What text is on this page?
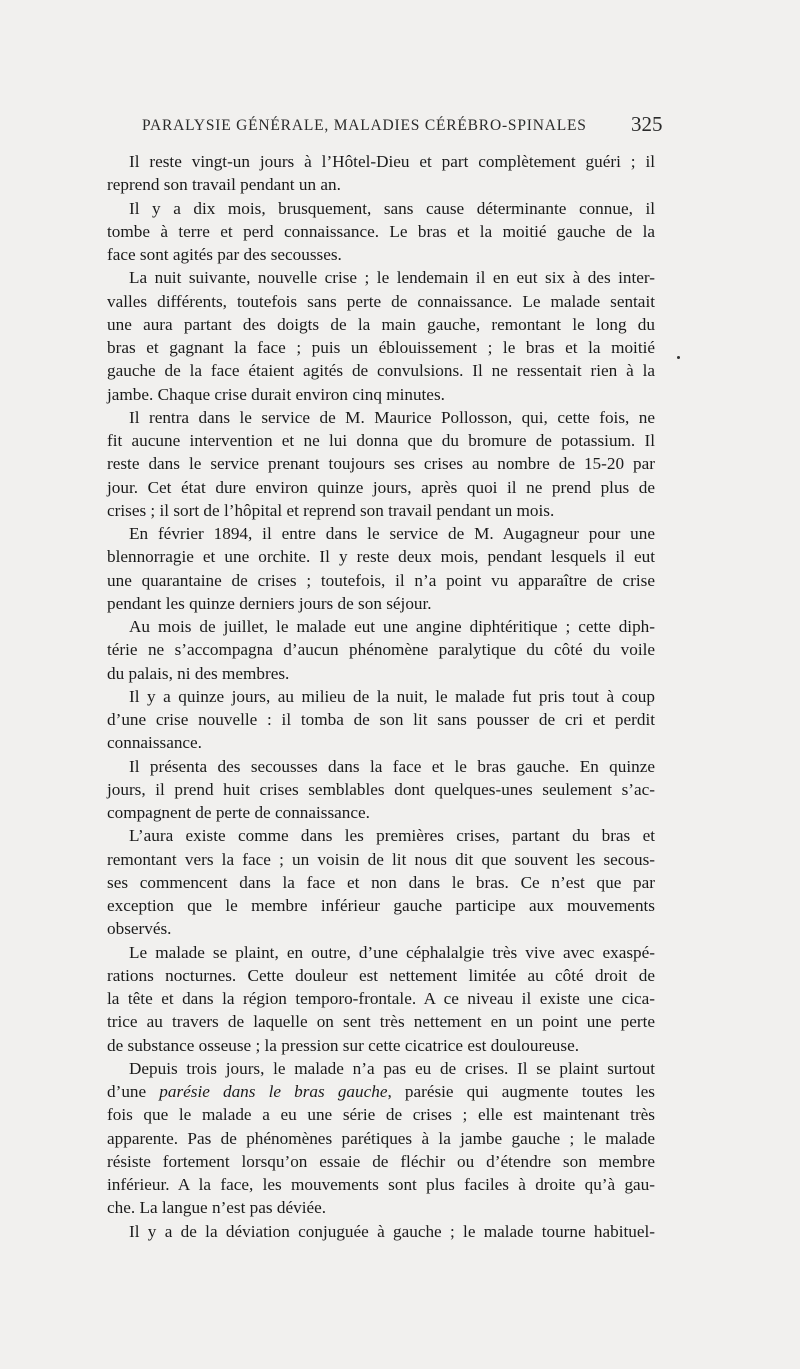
PARALYSIE GÉNÉRALE, MALADIES CÉRÉBRO-SPINALES	325
Il reste vingt-un jours à l’Hôtel-Dieu et part complètement guéri ; il
reprend son travail pendant un an.
Il y a dix mois, brusquement, sans cause déterminante connue, il
tombe à terre et perd connaissance. Le bras et la moitié gauche de la
face sont agités par des secousses.
La nuit suivante, nouvelle crise ; le lendemain il en eut six à des inter-
valles différents, toutefois sans perte de connaissance. Le malade sentait
une aura partant des doigts de la main gauche, remontant le long du
bras et gagnant la face ; puis un éblouissement ; le bras et la moitié
gauche de la face étaient agités de convulsions. Il ne ressentait rien à la
jambe. Chaque crise durait environ cinq minutes.
Il rentra dans le service de M. Maurice Pollosson, qui, cette fois, ne
fit aucune intervention et ne lui donna que du bromure de potassium. Il
reste dans le service prenant toujours ses crises au nombre de 15-20 par
jour. Cet état dure environ quinze jours, après quoi il ne prend plus de
crises ; il sort de l’hôpital et reprend son travail pendant un mois.
En février 1894, il entre dans le service de M. Augagneur pour une
blennorragie et une orchite. Il y reste deux mois, pendant lesquels il eut
une quarantaine de crises ; toutefois, il n’a point vu apparaître de crise
pendant les quinze derniers jours de son séjour.
Au mois de juillet, le malade eut une angine diphtéritique ; cette diph-
térie ne s’accompagna d’aucun phénomène paralytique du côté du voile
du palais, ni des membres.
Il y a quinze jours, au milieu de la nuit, le malade fut pris tout à coup
d’une crise nouvelle : il tomba de son lit sans pousser de cri et perdit
connaissance.
Il présenta des secousses dans la face et le bras gauche. En quinze
jours, il prend huit crises semblables dont quelques-unes seulement s’ac-
compagnent de perte de connaissance.
L’aura existe comme dans les premières crises, partant du bras et
remontant vers la face ; un voisin de lit nous dit que souvent les secous-
ses commencent dans la face et non dans le bras. Ce n’est que par
exception que le membre inférieur gauche participe aux mouvements
observés.
Le malade se plaint, en outre, d’une céphalalgie très vive avec exaspé-
rations nocturnes. Cette douleur est nettement limitée au côté droit de
la tête et dans la région temporo-frontale. A ce niveau il existe une cica-
trice au travers de laquelle on sent très nettement en un point une perte
de substance osseuse ; la pression sur cette cicatrice est douloureuse.
Depuis trois jours, le malade n’a pas eu de crises. Il se plaint surtout
d’une parésie dans le bras gauche, parésie qui augmente toutes les
fois que le malade a eu une série de crises ; elle est maintenant très
apparente. Pas de phénomènes parétiques à la jambe gauche ; le malade
résiste fortement lorsqu’on essaie de fléchir ou d’étendre son membre
inférieur. A la face, les mouvements sont plus faciles à droite qu’à gau-
che. La langue n’est pas déviée.
Il y a de la déviation conjuguée à gauche ; le malade tourne habituel-
